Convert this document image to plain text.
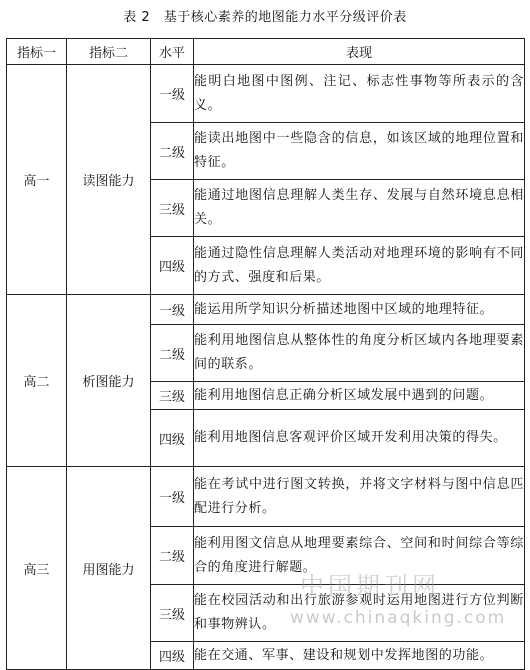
表 2　基于核心素养的地图能力水平分级评价表
指标一	指标二	水平	表现
高一	读图能力	一级	能明白地图中图例、注记、标志性事物等所表示的含义。
		二级	能读出地图中一些隐含的信息，如该区域的地理位置和特征。
		三级	能通过地图信息理解人类生存、发展与自然环境息息相关。
		四级	能通过隐性信息理解人类活动对地理环境的影响有不同的方式、强度和后果。
高二	析图能力	一级	能运用所学知识分析描述地图中区域的地理特征。
		二级	能利用地图信息从整体性的角度分析区域内各地理要素间的联系。
		三级	能利用地图信息正确分析区域发展中遇到的问题。
		四级	能利用地图信息客观评价区域开发利用决策的得失。
高三	用图能力	一级	能在考试中进行图文转换，并将文字材料与图中信息匹配进行分析。
		二级	能利用图文信息从地理要素综合、空间和时间综合等综合的角度进行解题。
		三级	能在校园活动和出行旅游参观时运用地图进行方位判断和事物辨认。
		四级	能在交通、军事、建设和规划中发挥地图的功能。
中国期刊网
www.chinaqking.com
